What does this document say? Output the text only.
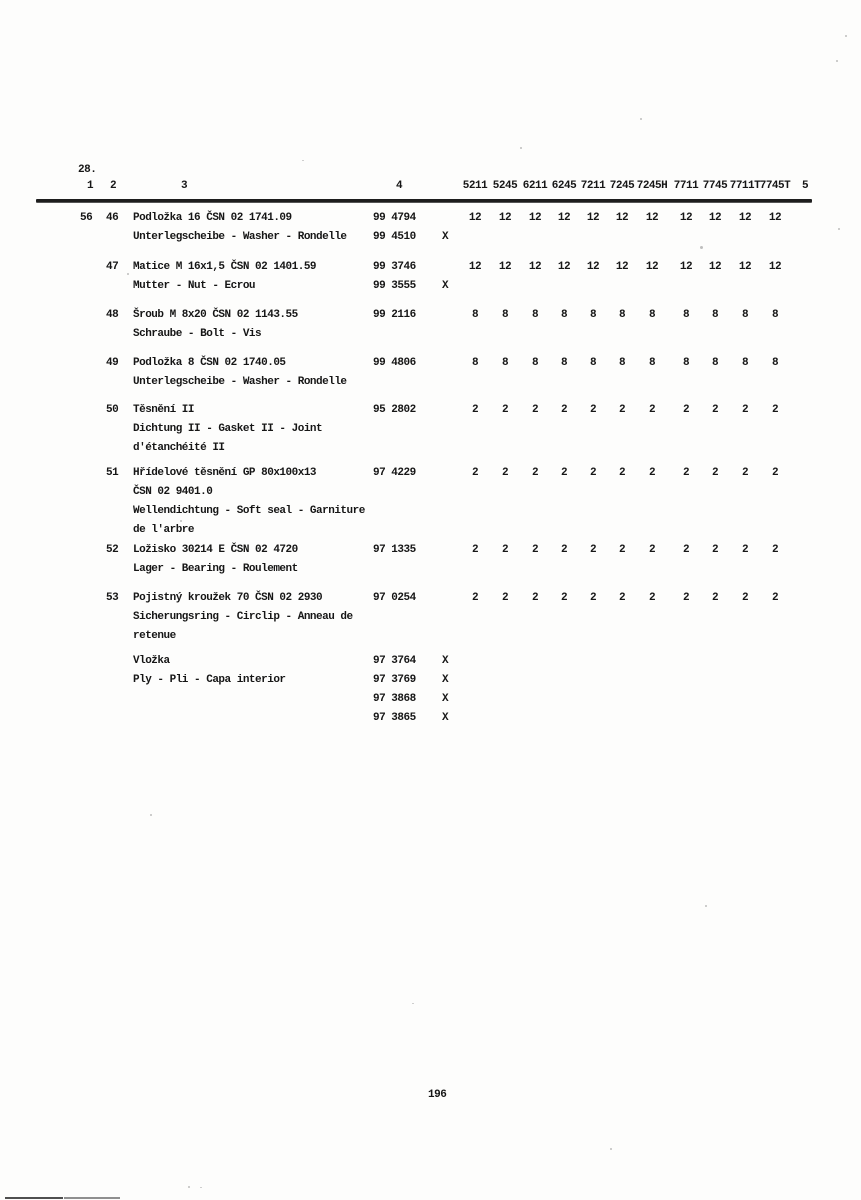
28.
1 2	3	4	5211 5245 6211 6245 7211 7245 7245H 7711 7745 7711T 7745T	5
56 46 Podložka 16 ČSN 02 1741.09
Unterlegscheibe - Washer - Rondelle
99 4794	12	12	12	12	12	12	12	12	12	12	12
99 4510 X
47 Matice M 16x1,5 ČSN 02 1401.59
Mutter - Nut - Ecrou
99 3746	12	12	12	12	12	12	12	12	12	12	12
99 3555 X
48 Šroub M 8x20 ČSN 02 1143.55
Schraube - Bolt - Vis
99 2116	8	8	8	8	8	8	8	8	8	8	8
49 Podložka 8 ČSN 02 1740.05
Unterlegscheibe - Washer - Rondelle
99 4806	8	8	8	8	8	8	8	8	8	8	8
50 Těsnění II
Dichtung II - Gasket II - Joint
d'étanchéité II
95 2802	2	2	2	2	2	2	2	2	2	2	2
51 Hřídelové těsnění GP 80x100x13
ČSN 02 9401.0
Wellendichtung - Soft seal - Garniture
de l'arbre
97 4229	2	2	2	2	2	2	2	2	2	2	2
52 Ložisko 30214 E ČSN 02 4720
Lager - Bearing - Roulement
97 1335	2	2	2	2	2	2	2	2	2	2	2
53 Pojistný kroužek 70 ČSN 02 2930
Sicherungsring - Circlip - Anneau de
retenue
97 0254	2	2	2	2	2	2	2	2	2	2	2
Vložka
Ply - Pli - Capa interior
97 3764 X
97 3769 X
97 3868 X
97 3865 X
196
